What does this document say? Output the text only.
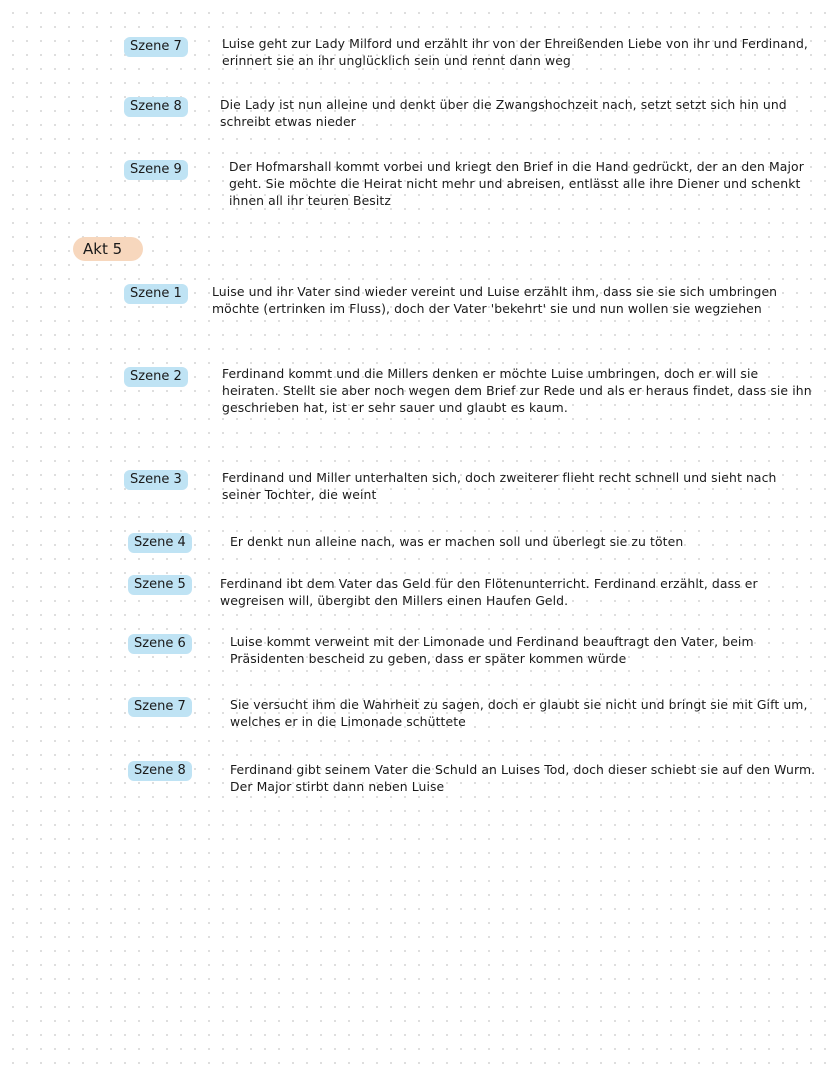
Szene 7	Luise geht zur Lady Milford und erzählt ihr von der Ehreißenden Liebe von ihr und Ferdinand, erinnert sie an ihr unglücklich sein und rennt dann weg
Szene 8	Die Lady ist nun alleine und denkt über die Zwangshochzeit nach, setzt setzt sich hin und schreibt etwas nieder
Szene 9	Der Hofmarshall kommt vorbei und kriegt den Brief in die Hand gedrückt, der an den Major geht. Sie möchte die Heirat nicht mehr und abreisen, entlässt alle ihre Diener und schenkt ihnen all ihr teuren Besitz
Akt 5
Szene 1	Luise und ihr Vater sind wieder vereint und Luise erzählt ihm, dass sie sie sich umbringen möchte (ertrinken im Fluss), doch der Vater 'bekehrt' sie und nun wollen sie wegziehen
Szene 2	Ferdinand kommt und die Millers denken er möchte Luise umbringen, doch er will sie heiraten. Stellt sie aber noch wegen dem Brief zur Rede und als er heraus findet, dass sie ihn geschrieben hat, ist er sehr sauer und glaubt es kaum.
Szene 3	Ferdinand und Miller unterhalten sich, doch zweiterer flieht recht schnell und sieht nach seiner Tochter, die weint
Szene 4	Er denkt nun alleine nach, was er machen soll und überlegt sie zu töten
Szene 5	Ferdinand ibt dem Vater das Geld für den Flötenunterricht. Ferdinand erzählt, dass er wegreisen will, übergibt den Millers einen Haufen Geld.
Szene 6	Luise kommt verweint mit der Limonade und Ferdinand beauftragt den Vater, beim Präsidenten bescheid zu geben, dass er später kommen würde
Szene 7	Sie versucht ihm die Wahrheit zu sagen, doch er glaubt sie nicht und bringt sie mit Gift um, welches er in die Limonade schüttete
Szene 8	Ferdinand gibt seinem Vater die Schuld an Luises Tod, doch dieser schiebt sie auf den Wurm. Der Major stirbt dann neben Luise
